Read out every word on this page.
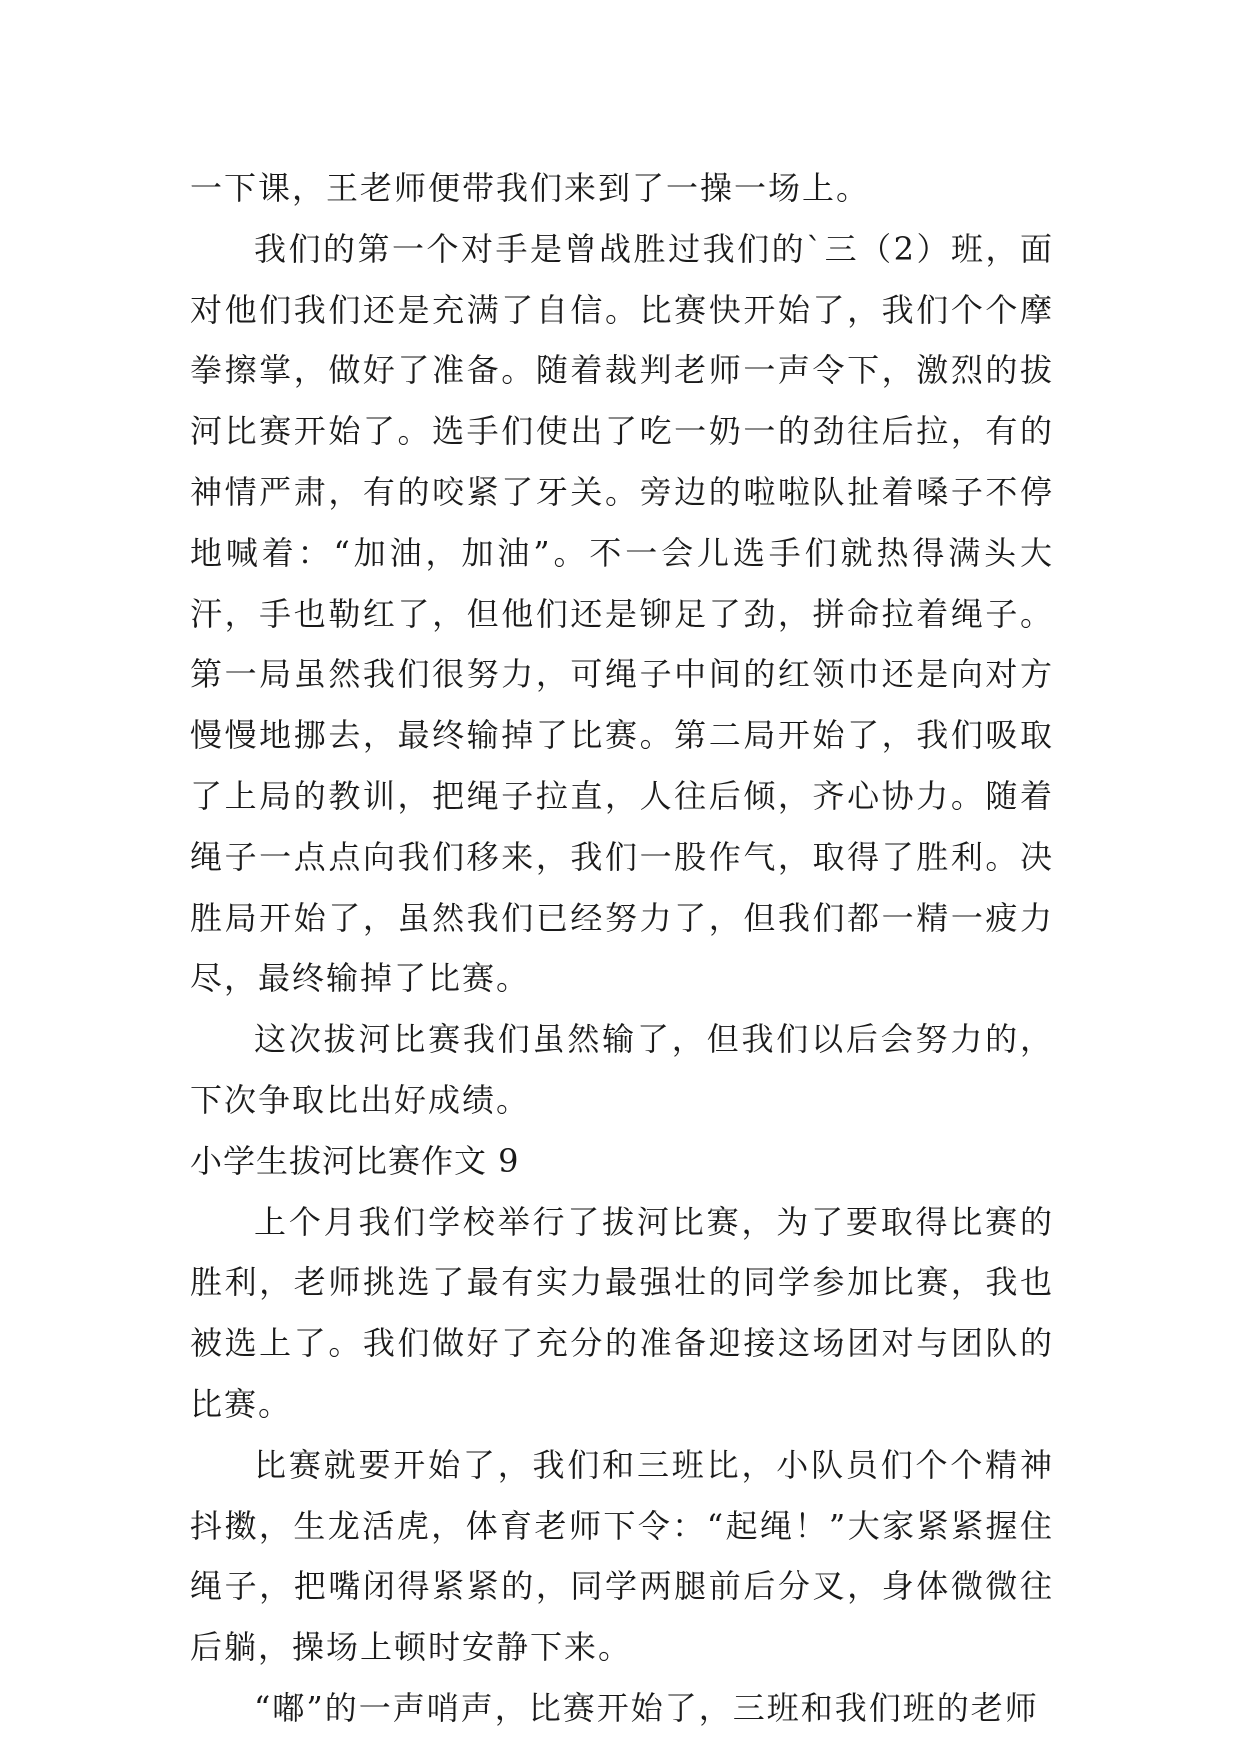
一下课，王老师便带我们来到了一操一场上。

我们的第一个对手是曾战胜过我们的`三（2）班，面对他们我们还是充满了自信。比赛快开始了，我们个个摩拳擦掌，做好了准备。随着裁判老师一声令下，激烈的拔河比赛开始了。选手们使出了吃一奶一的劲往后拉，有的神情严肃，有的咬紧了牙关。旁边的啦啦队扯着嗓子不停地喊着：“加油，加油”。不一会儿选手们就热得满头大汗，手也勒红了，但他们还是铆足了劲，拼命拉着绳子。第一局虽然我们很努力，可绳子中间的红领巾还是向对方慢慢地挪去，最终输掉了比赛。第二局开始了，我们吸取了上局的教训，把绳子拉直，人往后倾，齐心协力。随着绳子一点点向我们移来，我们一股作气，取得了胜利。决胜局开始了，虽然我们已经努力了，但我们都一精一疲力尽，最终输掉了比赛。

这次拔河比赛我们虽然输了，但我们以后会努力的，下次争取比出好成绩。

小学生拔河比赛作文 9

上个月我们学校举行了拔河比赛，为了要取得比赛的胜利，老师挑选了最有实力最强壮的同学参加比赛，我也被选上了。我们做好了充分的准备迎接这场团对与团队的比赛。

比赛就要开始了，我们和三班比，小队员们个个精神抖擞，生龙活虎，体育老师下令：“起绳！”大家紧紧握住绳子，把嘴闭得紧紧的，同学两腿前后分叉，身体微微往后躺，操场上顿时安静下来。

“嘟”的一声哨声，比赛开始了，三班和我们班的老师
